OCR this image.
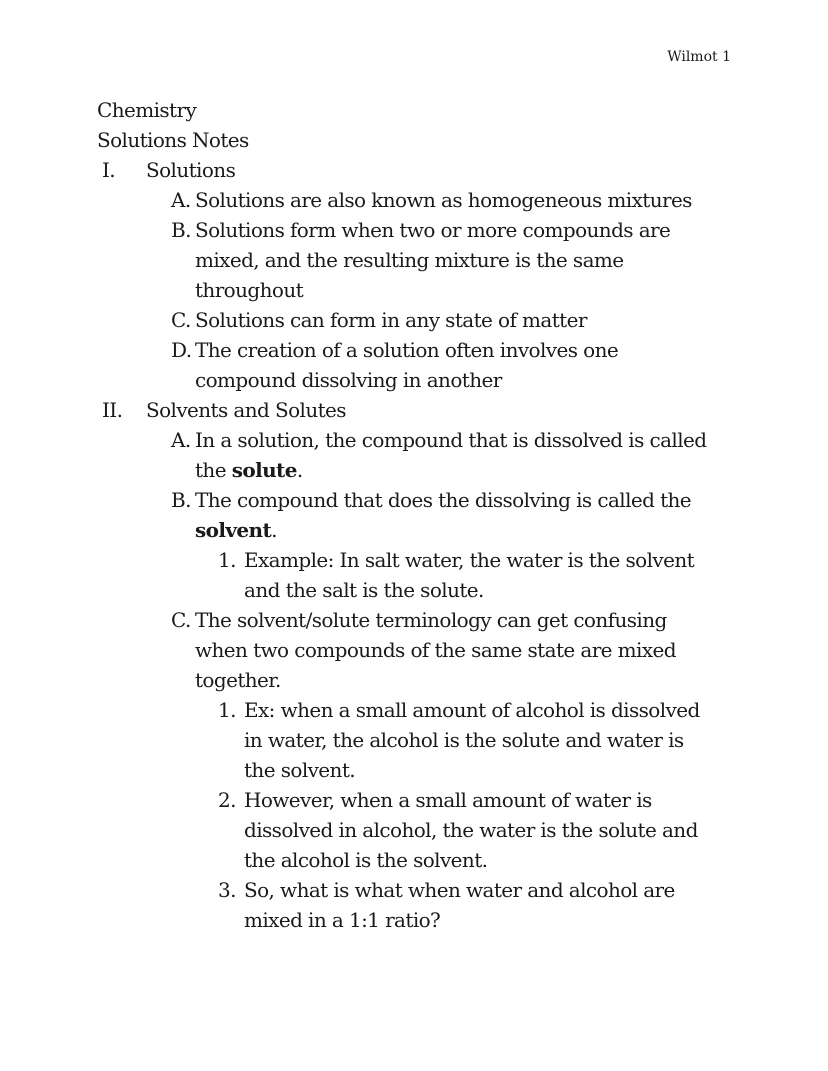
Wilmot 1
Chemistry
Solutions Notes
I. Solutions
A. Solutions are also known as homogeneous mixtures
B. Solutions form when two or more compounds are
mixed, and the resulting mixture is the same
throughout
C. Solutions can form in any state of matter
D. The creation of a solution often involves one
compound dissolving in another
II. Solvents and Solutes
A. In a solution, the compound that is dissolved is called
the solute.
B. The compound that does the dissolving is called the
solvent.
1. Example: In salt water, the water is the solvent
and the salt is the solute.
C. The solvent/solute terminology can get confusing
when two compounds of the same state are mixed
together.
1. Ex: when a small amount of alcohol is dissolved
in water, the alcohol is the solute and water is
the solvent.
2. However, when a small amount of water is
dissolved in alcohol, the water is the solute and
the alcohol is the solvent.
3. So, what is what when water and alcohol are
mixed in a 1:1 ratio?
